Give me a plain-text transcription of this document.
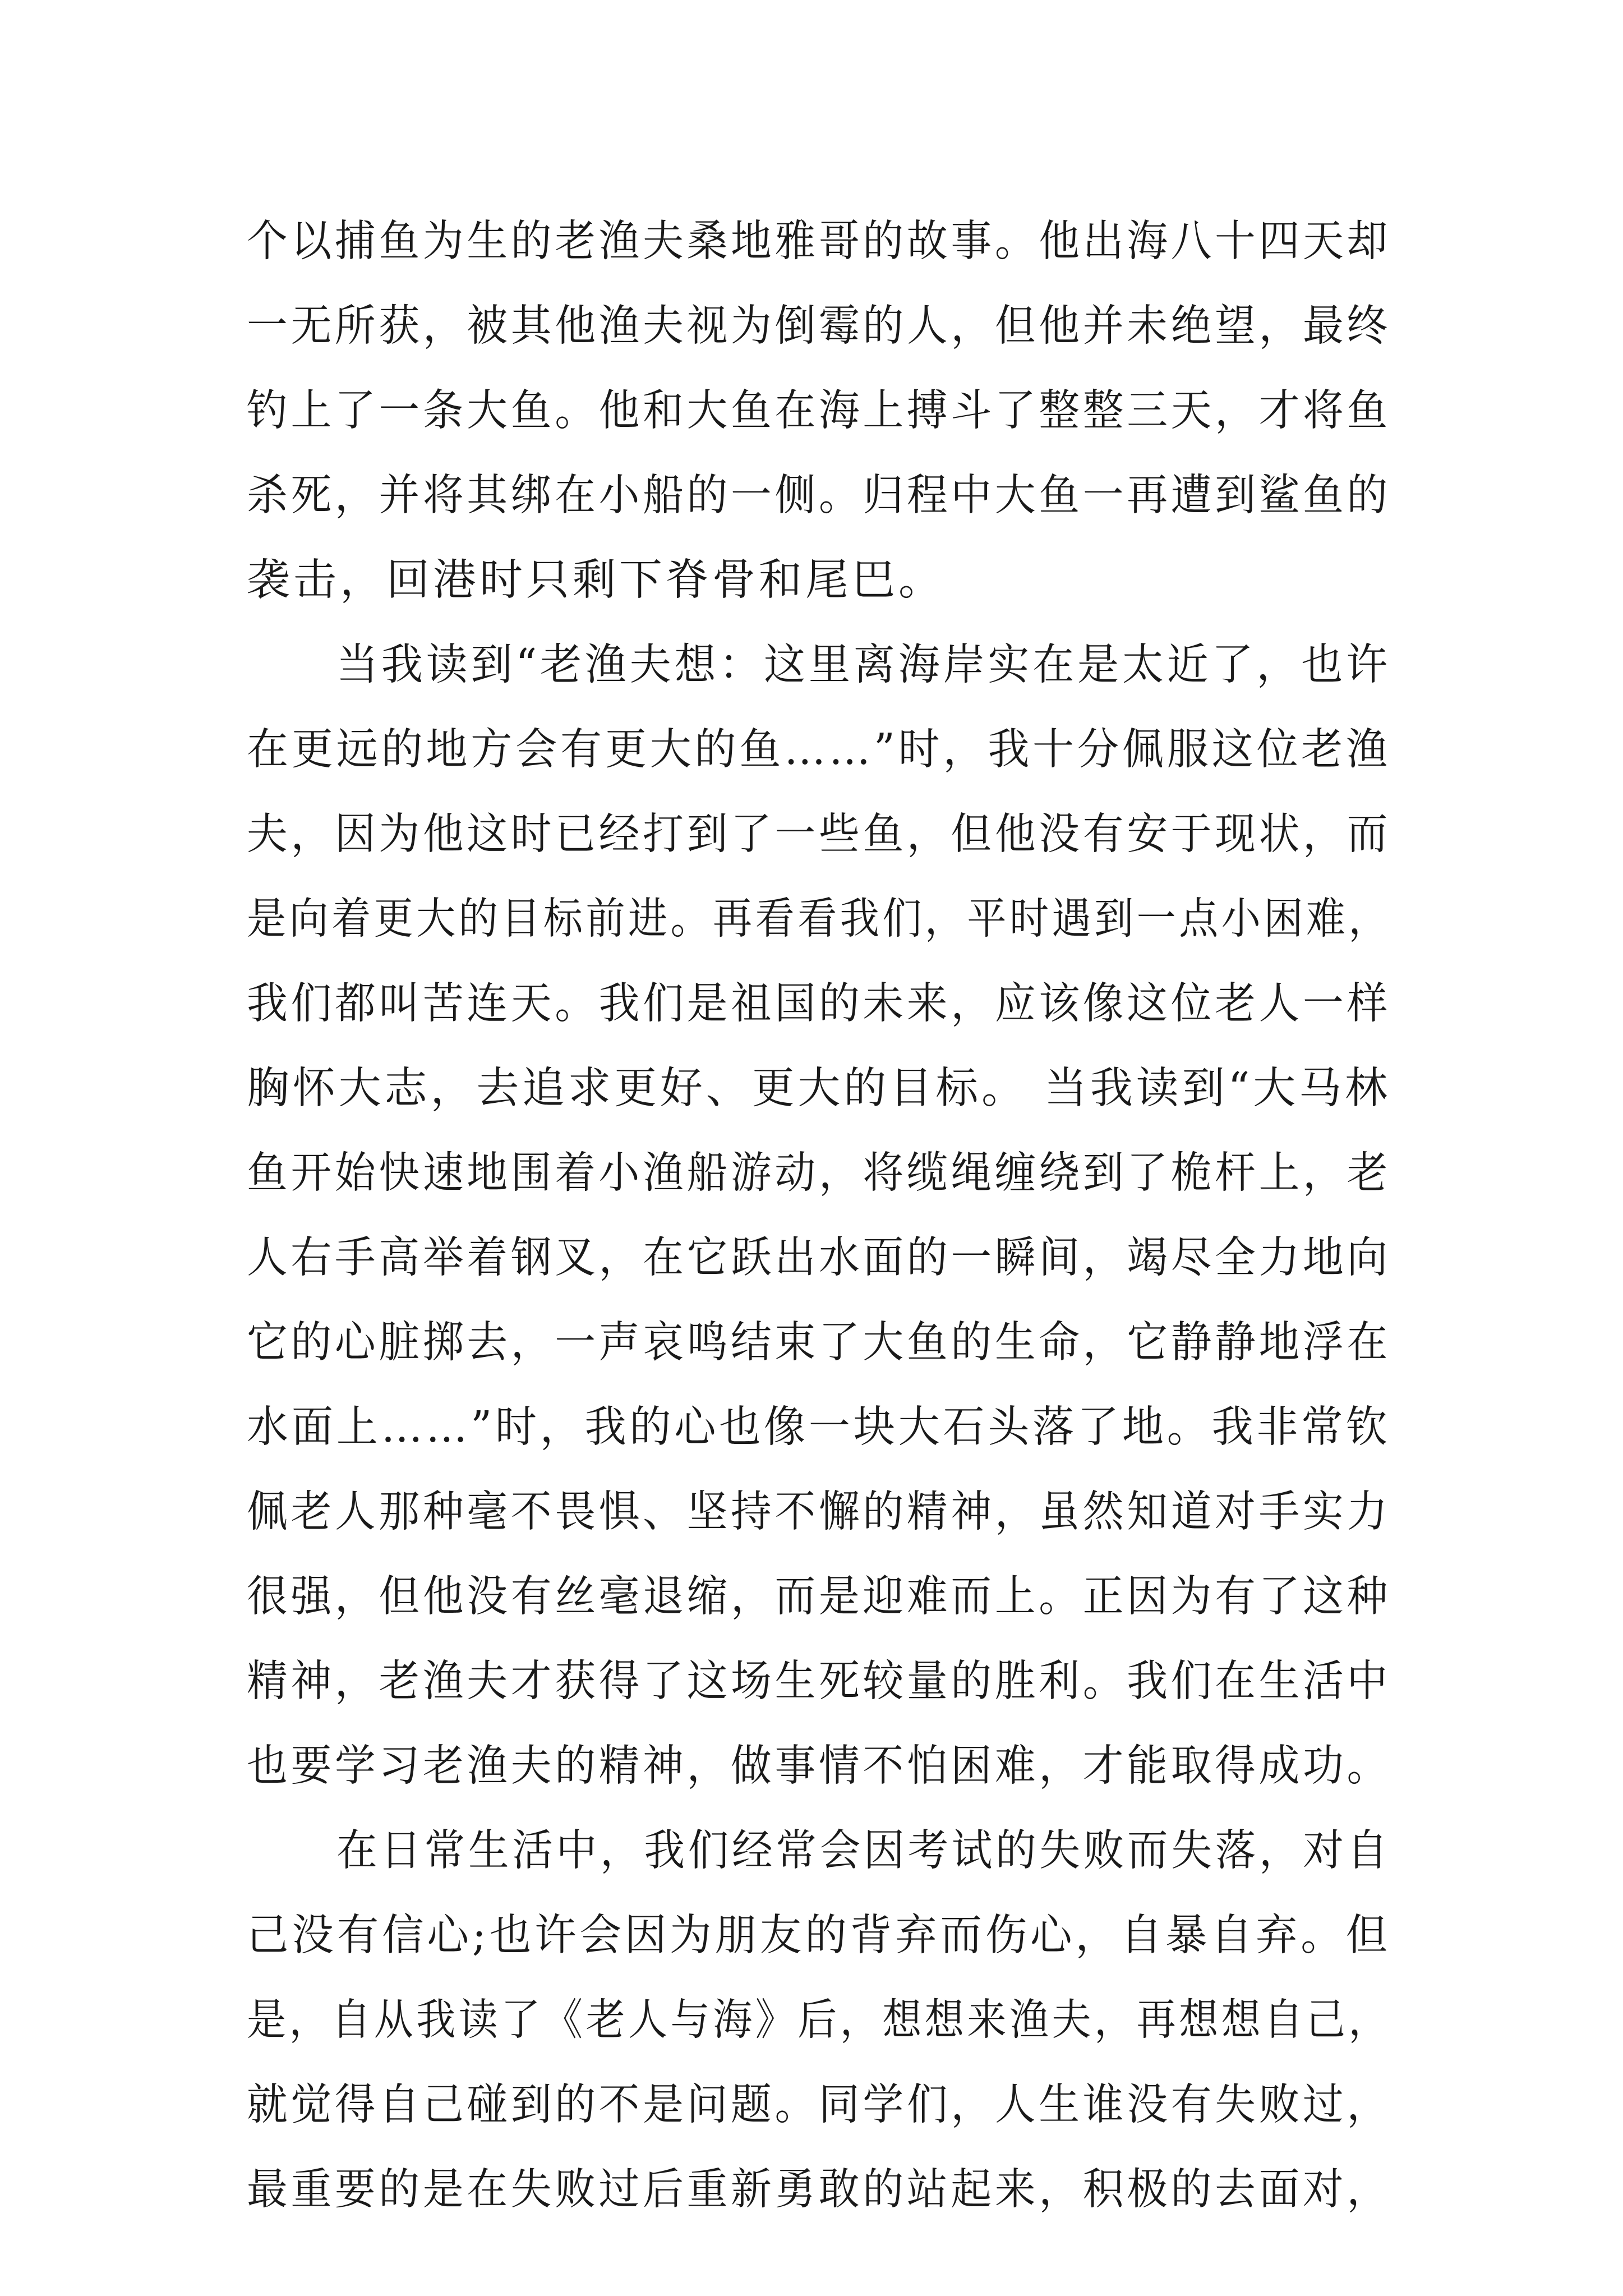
个以捕鱼为生的老渔夫桑地雅哥的故事。他出海八十四天却
一无所获，被其他渔夫视为倒霉的人，但他并未绝望，最终
钓上了一条大鱼。他和大鱼在海上搏斗了整整三天，才将鱼
杀死，并将其绑在小船的一侧。归程中大鱼一再遭到鲨鱼的
袭击，回港时只剩下脊骨和尾巴。
当我读到“老渔夫想：这里离海岸实在是太近了，也许
在更远的地方会有更大的鱼……”时，我十分佩服这位老渔
夫，因为他这时已经打到了一些鱼，但他没有安于现状，而
是向着更大的目标前进。再看看我们，平时遇到一点小困难，
我们都叫苦连天。我们是祖国的未来，应该像这位老人一样
胸怀大志，去追求更好、更大的目标。 当我读到“大马林
鱼开始快速地围着小渔船游动，将缆绳缠绕到了桅杆上，老
人右手高举着钢叉，在它跃出水面的一瞬间，竭尽全力地向
它的心脏掷去，一声哀鸣结束了大鱼的生命，它静静地浮在
水面上……”时，我的心也像一块大石头落了地。我非常钦
佩老人那种毫不畏惧、坚持不懈的精神，虽然知道对手实力
很强，但他没有丝毫退缩，而是迎难而上。正因为有了这种
精神，老渔夫才获得了这场生死较量的胜利。我们在生活中
也要学习老渔夫的精神，做事情不怕困难，才能取得成功。
在日常生活中，我们经常会因考试的失败而失落，对自
己没有信心;也许会因为朋友的背弃而伤心，自暴自弃。但
是，自从我读了《老人与海》后，想想来渔夫，再想想自己，
就觉得自己碰到的不是问题。同学们，人生谁没有失败过，
最重要的是在失败过后重新勇敢的站起来，积极的去面对，
